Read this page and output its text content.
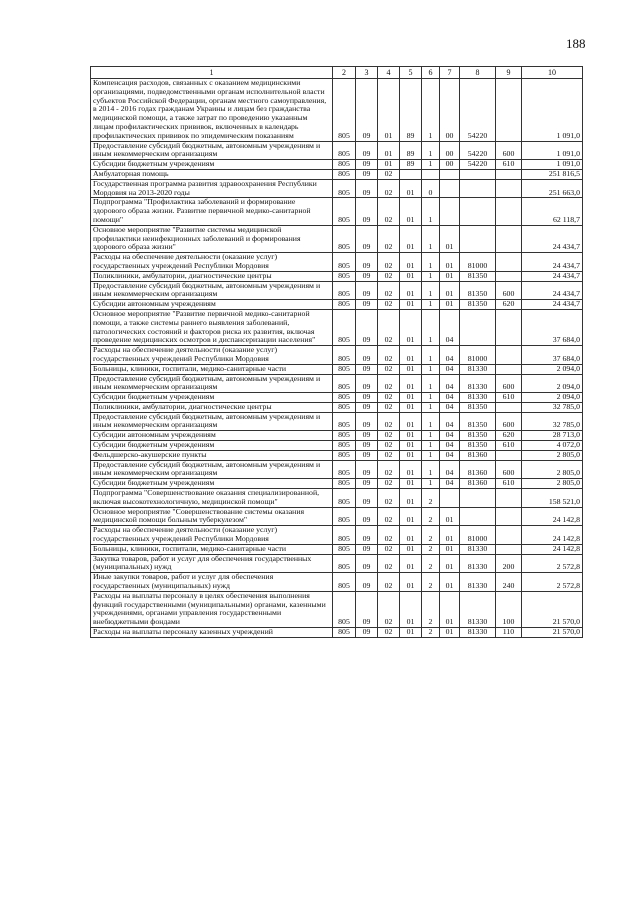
188
1	2	3	4	5	6	7	8	9	10
Компенсация расходов, связанных с оказанием медицинскими организациями, подведомственными органам исполнительной власти субъектов Российской Федерации, органам местного самоуправления, в 2014 - 2016 годах гражданам Украины и лицам без гражданства медицинской помощи, а также затрат по проведению указанным лицам профилактических прививок, включенных в календарь профилактических прививок по эпидемическим показаниям	805	09	01	89	1	00	54220		1 091,0
Предоставление субсидий бюджетным, автономным учреждениям и иным некоммерческим организациям	805	09	01	89	1	00	54220	600	1 091,0
Субсидии бюджетным учреждениям	805	09	01	89	1	00	54220	610	1 091,0
Амбулаторная помощь	805	09	02						251 816,5
Государственная программа развития здравоохранения Республики Мордовия на 2013-2020 годы	805	09	02	01	0				251 663,0
Подпрограмма "Профилактика заболеваний и формирование здорового образа жизни. Развитие первичной медико-санитарной помощи"	805	09	02	01	1				62 118,7
Основное мероприятие "Развитие системы медицинской профилактики неинфекционных заболеваний и формирования здорового образа жизни"	805	09	02	01	1	01			24 434,7
Расходы на обеспечение деятельности (оказание услуг) государственных учреждений Республики Мордовия	805	09	02	01	1	01	81000		24 434,7
Поликлиники, амбулатории, диагностические центры	805	09	02	01	1	01	81350		24 434,7
Предоставление субсидий бюджетным, автономным учреждениям и иным некоммерческим организациям	805	09	02	01	1	01	81350	600	24 434,7
Субсидии автономным учреждениям	805	09	02	01	1	01	81350	620	24 434,7
Основное мероприятие "Развитие первичной медико-санитарной помощи, а также системы раннего выявления заболеваний, патологических состояний и факторов риска их развития, включая проведение медицинских осмотров и диспансеризации населения"	805	09	02	01	1	04			37 684,0
Расходы на обеспечение деятельности (оказание услуг) государственных учреждений Республики Мордовия	805	09	02	01	1	04	81000		37 684,0
Больницы, клиники, госпитали, медико-санитарные части	805	09	02	01	1	04	81330		2 094,0
Предоставление субсидий бюджетным, автономным учреждениям и иным некоммерческим организациям	805	09	02	01	1	04	81330	600	2 094,0
Субсидии бюджетным учреждениям	805	09	02	01	1	04	81330	610	2 094,0
Поликлиники, амбулатории, диагностические центры	805	09	02	01	1	04	81350		32 785,0
Предоставление субсидий бюджетным, автономным учреждениям и иным некоммерческим организациям	805	09	02	01	1	04	81350	600	32 785,0
Субсидии автономным учреждениям	805	09	02	01	1	04	81350	620	28 713,0
Субсидии бюджетным учреждениям	805	09	02	01	1	04	81350	610	4 072,0
Фельдшерско-акушерские пункты	805	09	02	01	1	04	81360		2 805,0
Предоставление субсидий бюджетным, автономным учреждениям и иным некоммерческим организациям	805	09	02	01	1	04	81360	600	2 805,0
Субсидии бюджетным учреждениям	805	09	02	01	1	04	81360	610	2 805,0
Подпрограмма "Совершенствование оказания специализированной, включая высокотехнологичную, медицинской помощи"	805	09	02	01	2				158 521,0
Основное мероприятие "Совершенствование системы оказания медицинской помощи больным туберкулезом"	805	09	02	01	2	01			24 142,8
Расходы на обеспечение деятельности (оказание услуг) государственных учреждений Республики Мордовия	805	09	02	01	2	01	81000		24 142,8
Больницы, клиники, госпитали, медико-санитарные части	805	09	02	01	2	01	81330		24 142,8
Закупка товаров, работ и услуг для обеспечения государственных (муниципальных) нужд	805	09	02	01	2	01	81330	200	2 572,8
Иные закупки товаров, работ и услуг для обеспечения государственных (муниципальных) нужд	805	09	02	01	2	01	81330	240	2 572,8
Расходы на выплаты персоналу в целях обеспечения выполнения функций государственными (муниципальными) органами, казенными учреждениями, органами управления государственными внебюджетными фондами	805	09	02	01	2	01	81330	100	21 570,0
Расходы на выплаты персоналу казенных учреждений	805	09	02	01	2	01	81330	110	21 570,0
